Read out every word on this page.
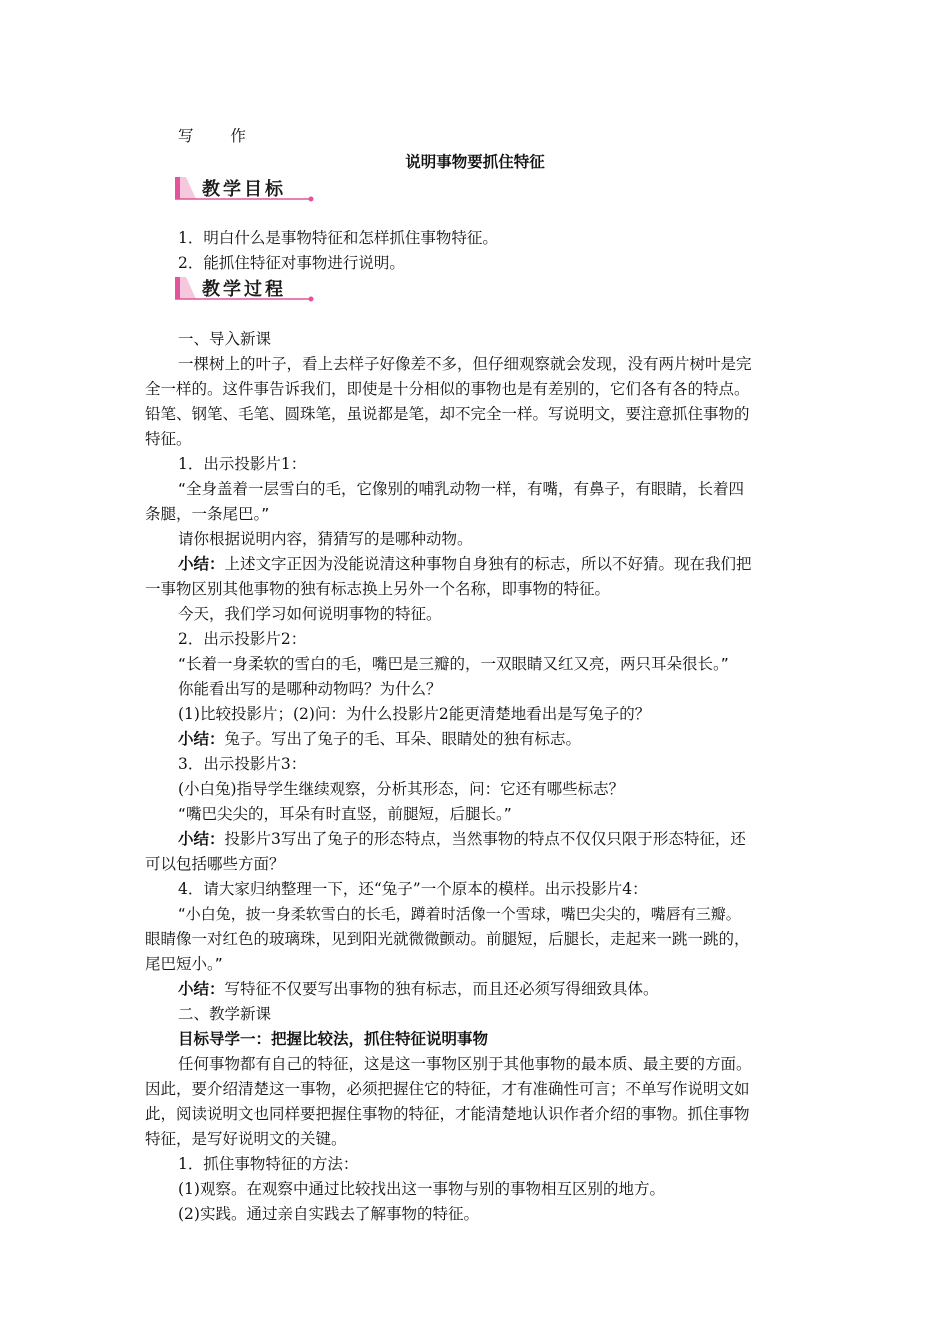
写 作
说明事物要抓住特征
教学目标
1．明白什么是事物特征和怎样抓住事物特征。
2．能抓住特征对事物进行说明。
教学过程
一、导入新课
一棵树上的叶子，看上去样子好像差不多，但仔细观察就会发现，没有两片树叶是完
全一样的。这件事告诉我们，即使是十分相似的事物也是有差别的，它们各有各的特点。
铅笔、钢笔、毛笔、圆珠笔，虽说都是笔，却不完全一样。写说明文，要注意抓住事物的
特征。
1．出示投影片1：
“全身盖着一层雪白的毛，它像别的哺乳动物一样，有嘴，有鼻子，有眼睛，长着四
条腿，一条尾巴。”
请你根据说明内容，猜猜写的是哪种动物。
小结：上述文字正因为没能说清这种事物自身独有的标志，所以不好猜。现在我们把
一事物区别其他事物的独有标志换上另外一个名称，即事物的特征。
今天，我们学习如何说明事物的特征。
2．出示投影片2：
“长着一身柔软的雪白的毛，嘴巴是三瓣的，一双眼睛又红又亮，两只耳朵很长。”
你能看出写的是哪种动物吗？为什么？
(1)比较投影片；(2)问：为什么投影片2能更清楚地看出是写兔子的？
小结：兔子。写出了兔子的毛、耳朵、眼睛处的独有标志。
3．出示投影片3：
(小白兔)指导学生继续观察，分析其形态，问：它还有哪些标志？
“嘴巴尖尖的，耳朵有时直竖，前腿短，后腿长。”
小结：投影片3写出了兔子的形态特点，当然事物的特点不仅仅只限于形态特征，还
可以包括哪些方面？
4．请大家归纳整理一下，还“兔子”一个原本的模样。出示投影片4：
“小白兔，披一身柔软雪白的长毛，蹲着时活像一个雪球，嘴巴尖尖的，嘴唇有三瓣。
眼睛像一对红色的玻璃珠，见到阳光就微微颤动。前腿短，后腿长，走起来一跳一跳的，
尾巴短小。”
小结：写特征不仅要写出事物的独有标志，而且还必须写得细致具体。
二、教学新课
目标导学一：把握比较法，抓住特征说明事物
任何事物都有自己的特征，这是这一事物区别于其他事物的最本质、最主要的方面。
因此，要介绍清楚这一事物，必须把握住它的特征，才有准确性可言；不单写作说明文如
此，阅读说明文也同样要把握住事物的特征，才能清楚地认识作者介绍的事物。抓住事物
特征，是写好说明文的关键。
1．抓住事物特征的方法：
(1)观察。在观察中通过比较找出这一事物与别的事物相互区别的地方。
(2)实践。通过亲自实践去了解事物的特征。
